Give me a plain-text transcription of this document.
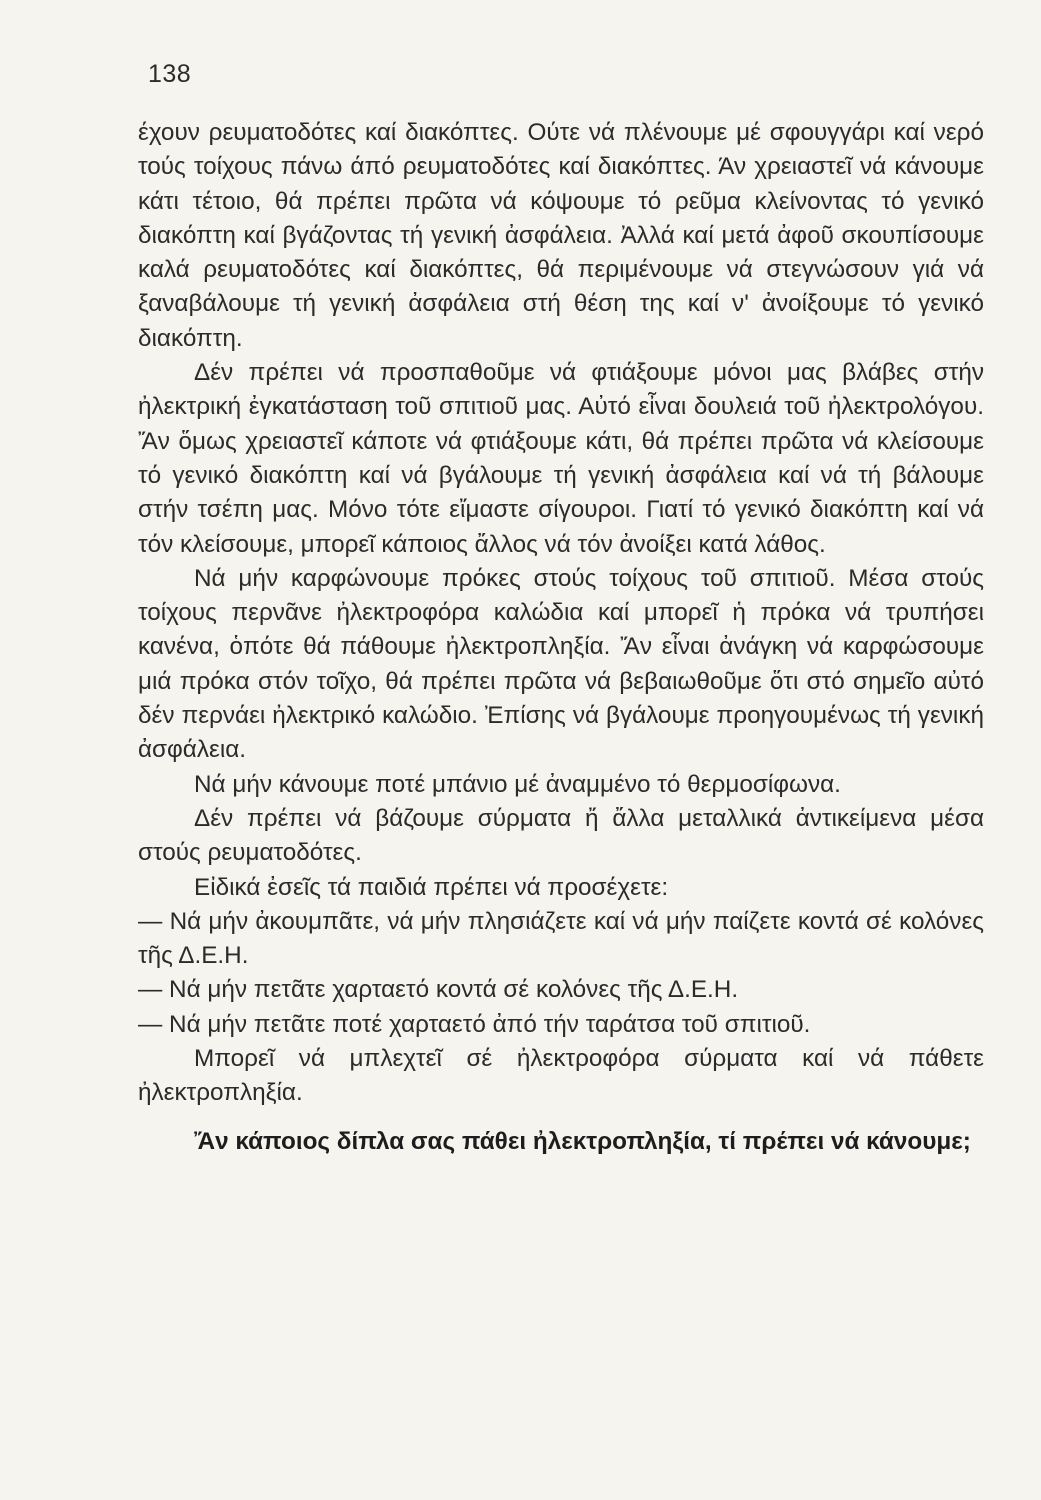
138

έχουν ρευματοδότες καί διακόπτες. Ούτε νά πλένουμε μέ σφουγγάρι καί νερό τούς τοίχους πάνω άπό ρευματοδότες καί διακόπτες. Άν χρειαστεῖ νά κάνουμε κάτι τέτοιο, θά πρέπει πρῶτα νά κόψουμε τό ρεῦμα κλείνοντας τό γενικό διακόπτη καί βγάζοντας τή γενική ἀσφάλεια. Ἀλλά καί μετά ἀφοῦ σκουπίσουμε καλά ρευματοδότες καί διακόπτες, θά περιμένουμε νά στεγνώσουν γιά νά ξαναβάλουμε τή γενική ἀσφάλεια στή θέση της καί ν' ἀνοίξουμε τό γενικό διακόπτη.

Δέν πρέπει νά προσπαθοῦμε νά φτιάξουμε μόνοι μας βλάβες στήν ἠλεκτρική ἐγκατάσταση τοῦ σπιτιοῦ μας. Αὐτό εἶναι δουλειά τοῦ ἠλεκτρολόγου. Ἄν ὅμως χρειαστεῖ κάποτε νά φτιάξουμε κάτι, θά πρέπει πρῶτα νά κλείσουμε τό γενικό διακόπτη καί νά βγάλουμε τή γενική ἀσφάλεια καί νά τή βάλουμε στήν τσέπη μας. Μόνο τότε εἴμαστε σίγουροι. Γιατί τό γενικό διακόπτη καί νά τόν κλείσουμε, μπορεῖ κάποιος ἄλλος νά τόν ἀνοίξει κατά λάθος.

Νά μήν καρφώνουμε πρόκες στούς τοίχους τοῦ σπιτιοῦ. Μέσα στούς τοίχους περνᾶνε ἠλεκτροφόρα καλώδια καί μπορεῖ ἡ πρόκα νά τρυπήσει κανένα, ὁπότε θά πάθουμε ἠλεκτροπληξία. Ἄν εἶναι ἀνάγκη νά καρφώσουμε μιά πρόκα στόν τοῖχο, θά πρέπει πρῶτα νά βεβαιωθοῦμε ὅτι στό σημεῖο αὐτό δέν περνάει ἠλεκτρικό καλώδιο. Ἐπίσης νά βγάλουμε προηγουμένως τή γενική ἀσφάλεια.

Νά μήν κάνουμε ποτέ μπάνιο μέ ἀναμμένο τό θερμοσίφωνα.

Δέν πρέπει νά βάζουμε σύρματα ἤ ἄλλα μεταλλικά ἀντικείμενα μέσα στούς ρευματοδότες.

Εἰδικά ἐσεῖς τά παιδιά πρέπει νά προσέχετε:

— Νά μήν ἀκουμπᾶτε, νά μήν πλησιάζετε καί νά μήν παίζετε κοντά σέ κολόνες τῆς Δ.Ε.Η.

— Νά μήν πετᾶτε χαρταετό κοντά σέ κολόνες τῆς Δ.Ε.Η.

— Νά μήν πετᾶτε ποτέ χαρταετό ἀπό τήν ταράτσα τοῦ σπιτιοῦ.

Μπορεῖ νά μπλεχτεῖ σέ ἠλεκτροφόρα σύρματα καί νά πάθετε ἠλεκτροπληξία.

Ἄν κάποιος δίπλα σας πάθει ἠλεκτροπληξία, τί πρέπει νά κάνουμε;
